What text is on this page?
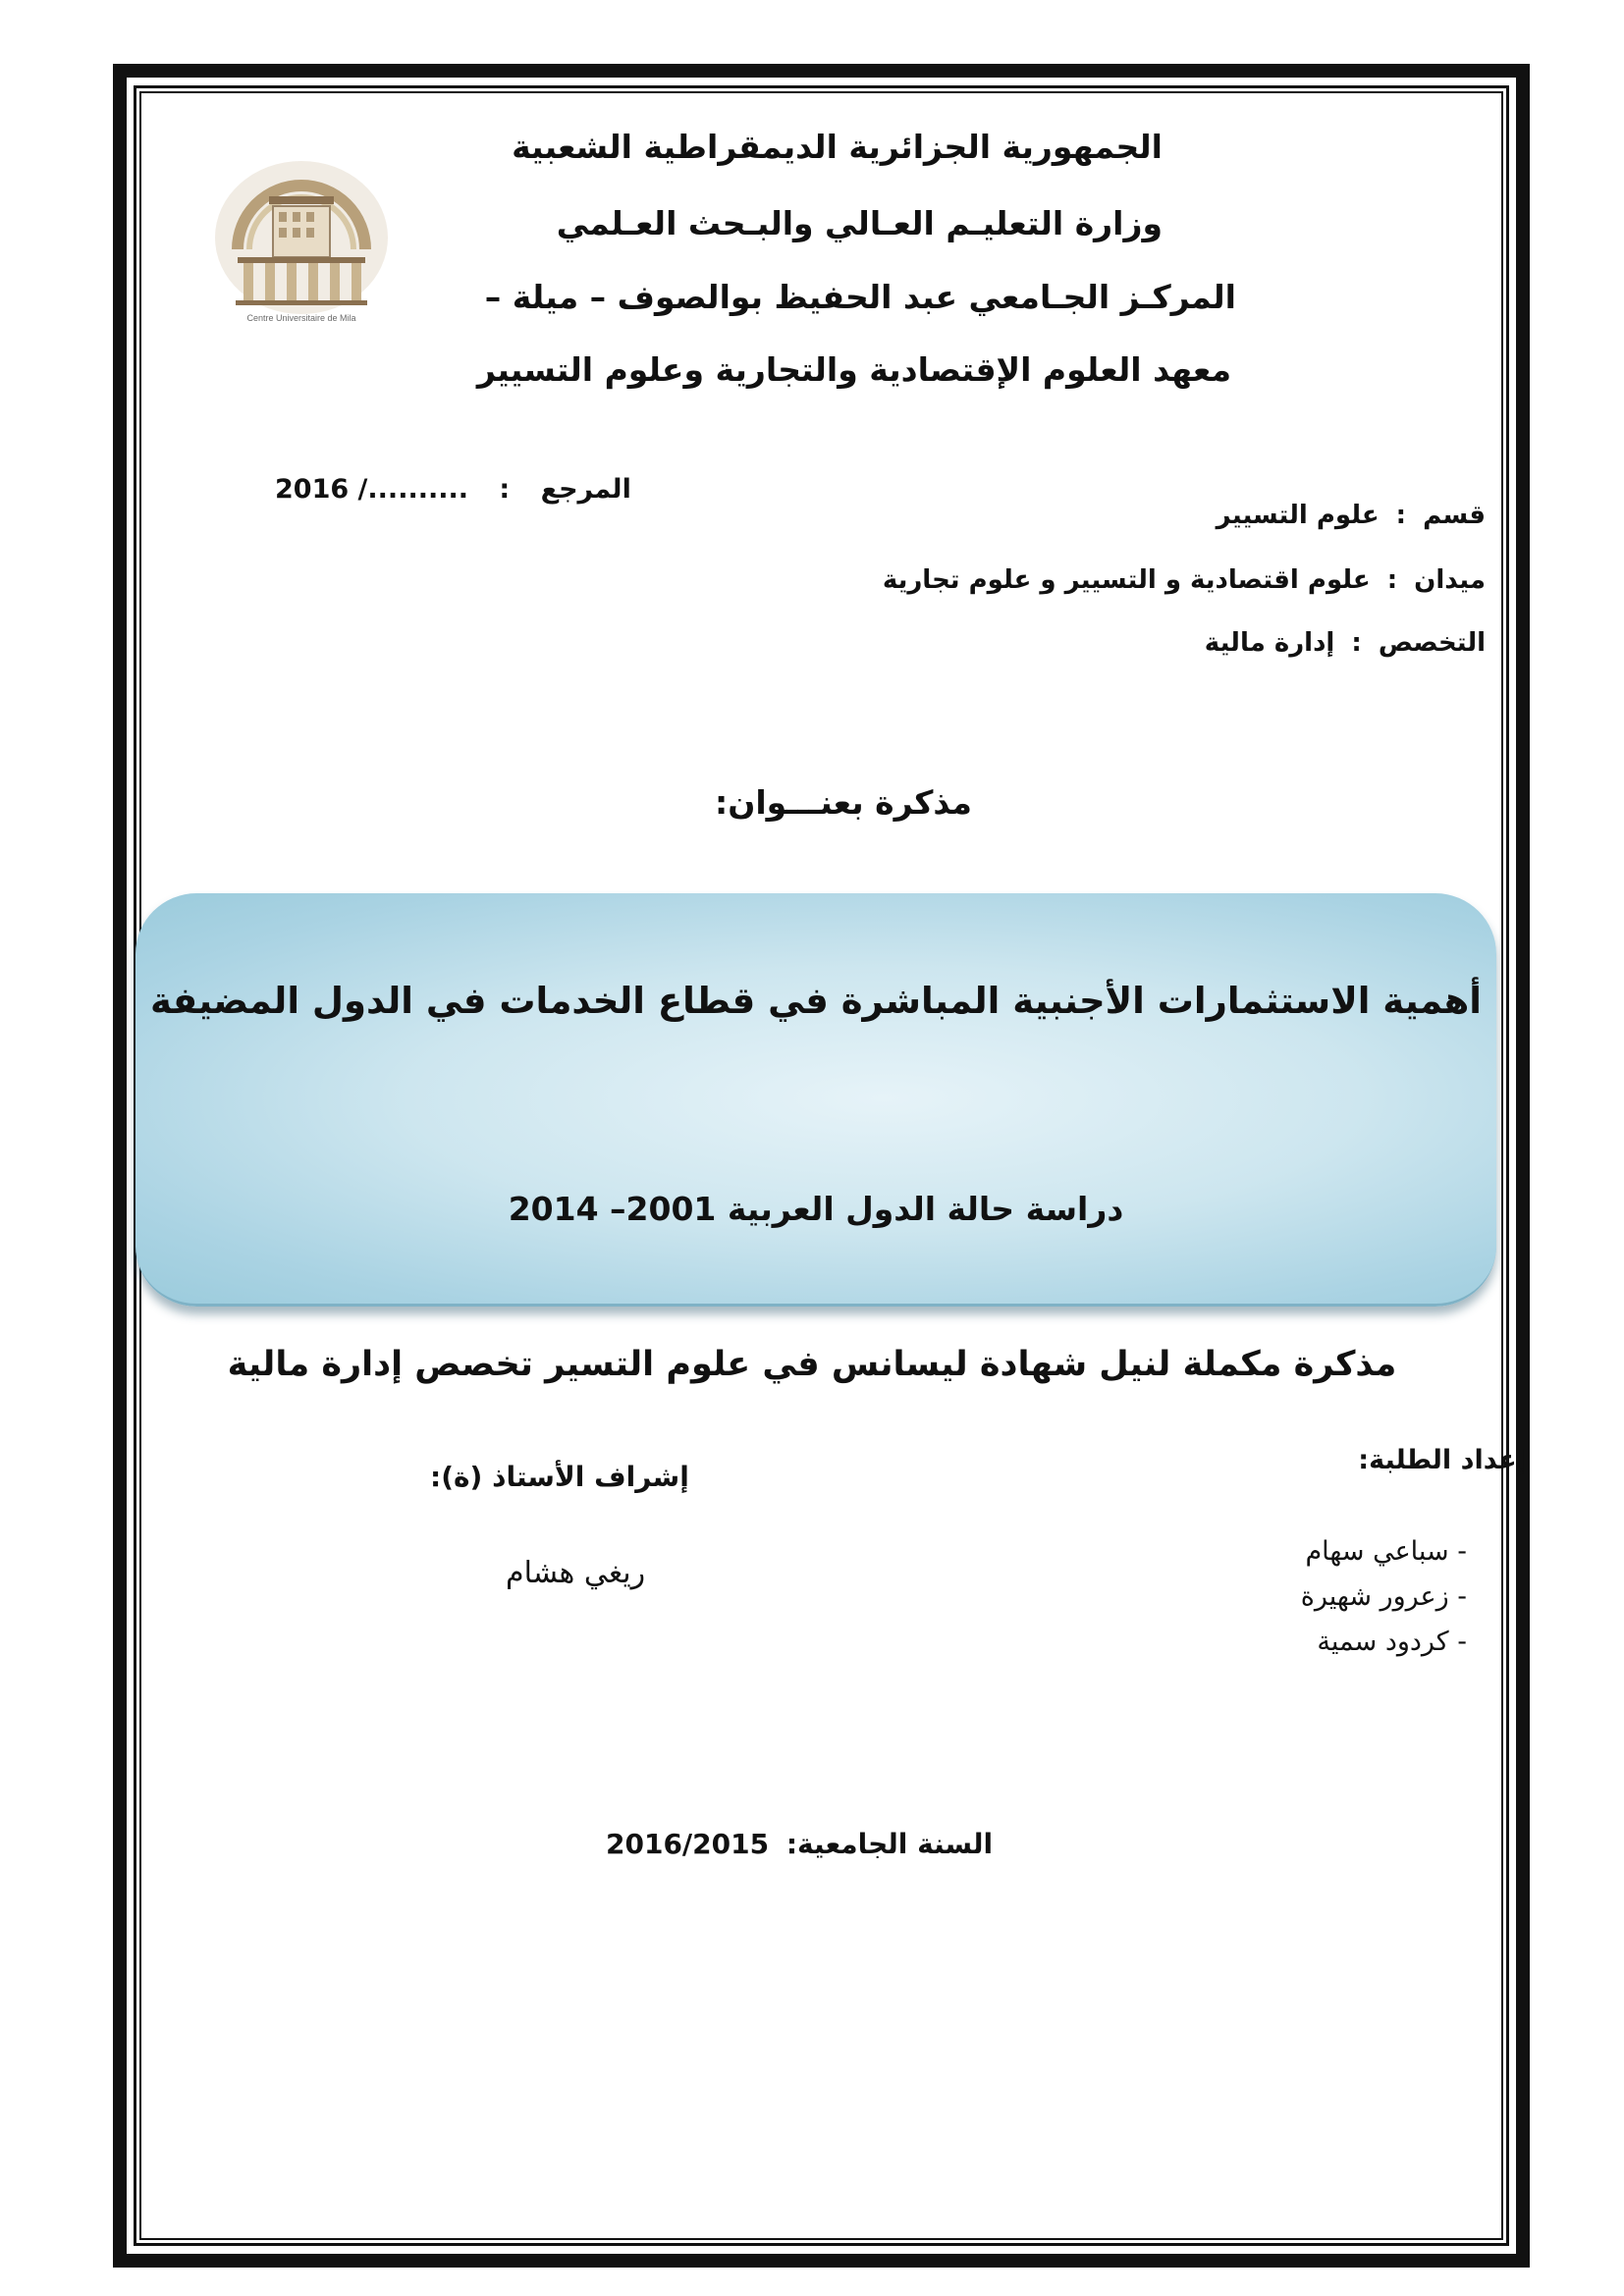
Centre Universitaire de Mila
الجمهورية الجزائرية الديمقراطية الشعبية
وزارة التعليـم العـالي والبـحث العـلمي
المركـز الجـامعي عبد الحفيظ بوالصوف – ميلة –
معهد العلوم الإقتصادية والتجارية وعلوم التسيير
المرجع : ........../ 2016
قسم : علوم التسيير
ميدان : علوم اقتصادية و التسيير و علوم تجارية
التخصص : إدارة مالية
مذكرة بعنـــوان:
أهمية الاستثمارات الأجنبية المباشرة في قطاع الخدمات في الدول المضيفة
دراسة حالة الدول العربية 2001– 2014
مذكرة مكملة لنيل شهادة ليسانس في علوم التسير تخصص إدارة مالية
إعداد الطلبة:
- سباعي سهام
- زعرور شهيرة
- كردود سمية
إشراف الأستاذ (ة):
ريغي هشام
السنة الجامعية: 2016/2015
